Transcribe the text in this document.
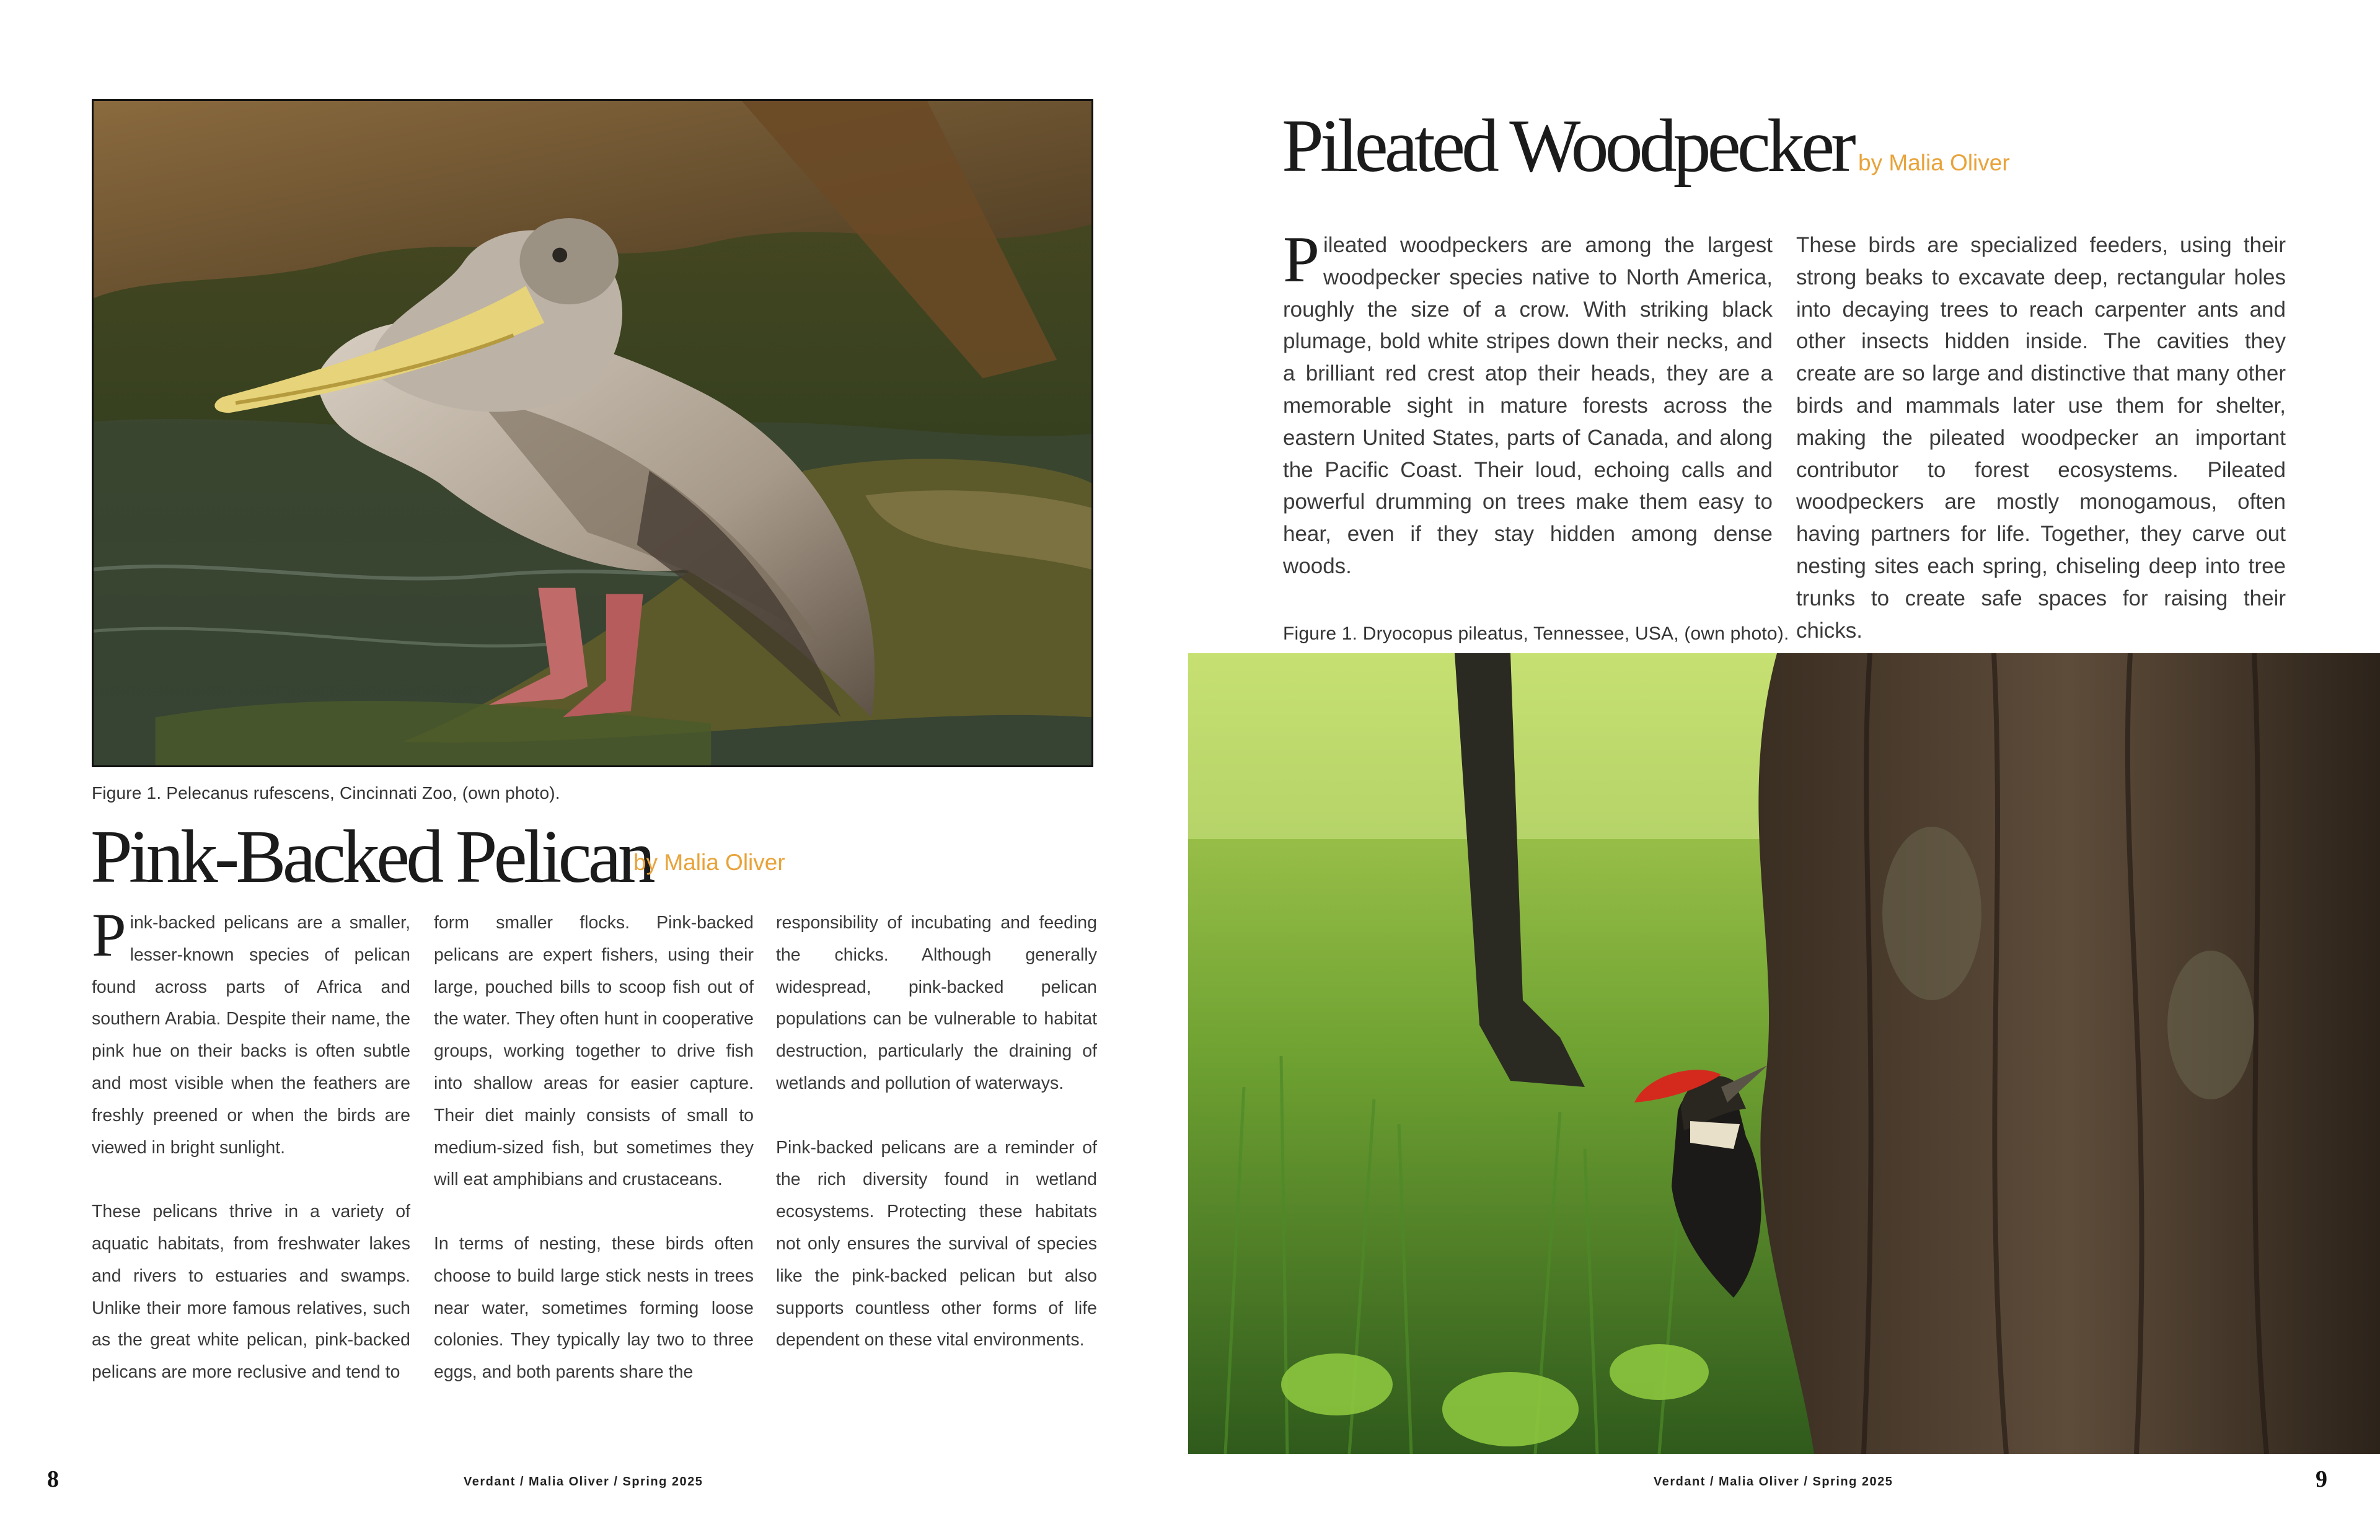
Figure 1. Pelecanus rufescens, Cincinnati Zoo, (own photo).
Pink-Backed Pelican
by Malia Oliver

Pink-backed pelicans are a smaller, lesser-known species of pelican found across parts of Africa and southern Arabia. Despite their name, the pink hue on their backs is often subtle and most visible when the feathers are freshly preened or when the birds are viewed in bright sunlight.

These pelicans thrive in a variety of aquatic habitats, from freshwater lakes and rivers to estuaries and swamps. Unlike their more famous relatives, such as the great white pelican, pink-backed pelicans are more reclusive and tend to

form smaller flocks. Pink-backed pelicans are expert fishers, using their large, pouched bills to scoop fish out of the water. They often hunt in cooperative groups, working together to drive fish into shallow areas for easier capture. Their diet mainly consists of small to medium-sized fish, but sometimes they will eat amphibians and crustaceans.

In terms of nesting, these birds often choose to build large stick nests in trees near water, sometimes forming loose colonies. They typically lay two to three eggs, and both parents share the

responsibility of incubating and feeding the chicks. Although generally widespread, pink-backed pelican populations can be vulnerable to habitat destruction, particularly the draining of wetlands and pollution of waterways.

Pink-backed pelicans are a reminder of the rich diversity found in wetland ecosystems. Protecting these habitats not only ensures the survival of species like the pink-backed pelican but also supports countless other forms of life dependent on these vital environments.

8	Verdant / Malia Oliver / Spring 2025
Pileated Woodpecker by Malia Oliver

Pileated woodpeckers are among the largest woodpecker species native to North America, roughly the size of a crow. With striking black plumage, bold white stripes down their necks, and a brilliant red crest atop their heads, they are a memorable sight in mature forests across the eastern United States, parts of Canada, and along the Pacific Coast. Their loud, echoing calls and powerful drumming on trees make them easy to hear, even if they stay hidden among dense woods.

These birds are specialized feeders, using their strong beaks to excavate deep, rectangular holes into decaying trees to reach carpenter ants and other insects hidden inside. The cavities they create are so large and distinctive that many other birds and mammals later use them for shelter, making the pileated woodpecker an important contributor to forest ecosystems. Pileated woodpeckers are mostly monogamous, often having partners for life. Together, they carve out nesting sites each spring, chiseling deep into tree trunks to create safe spaces for raising their chicks.

Figure 1. Dryocopus pileatus, Tennessee, USA, (own photo).
Verdant / Malia Oliver / Spring 2025	9
